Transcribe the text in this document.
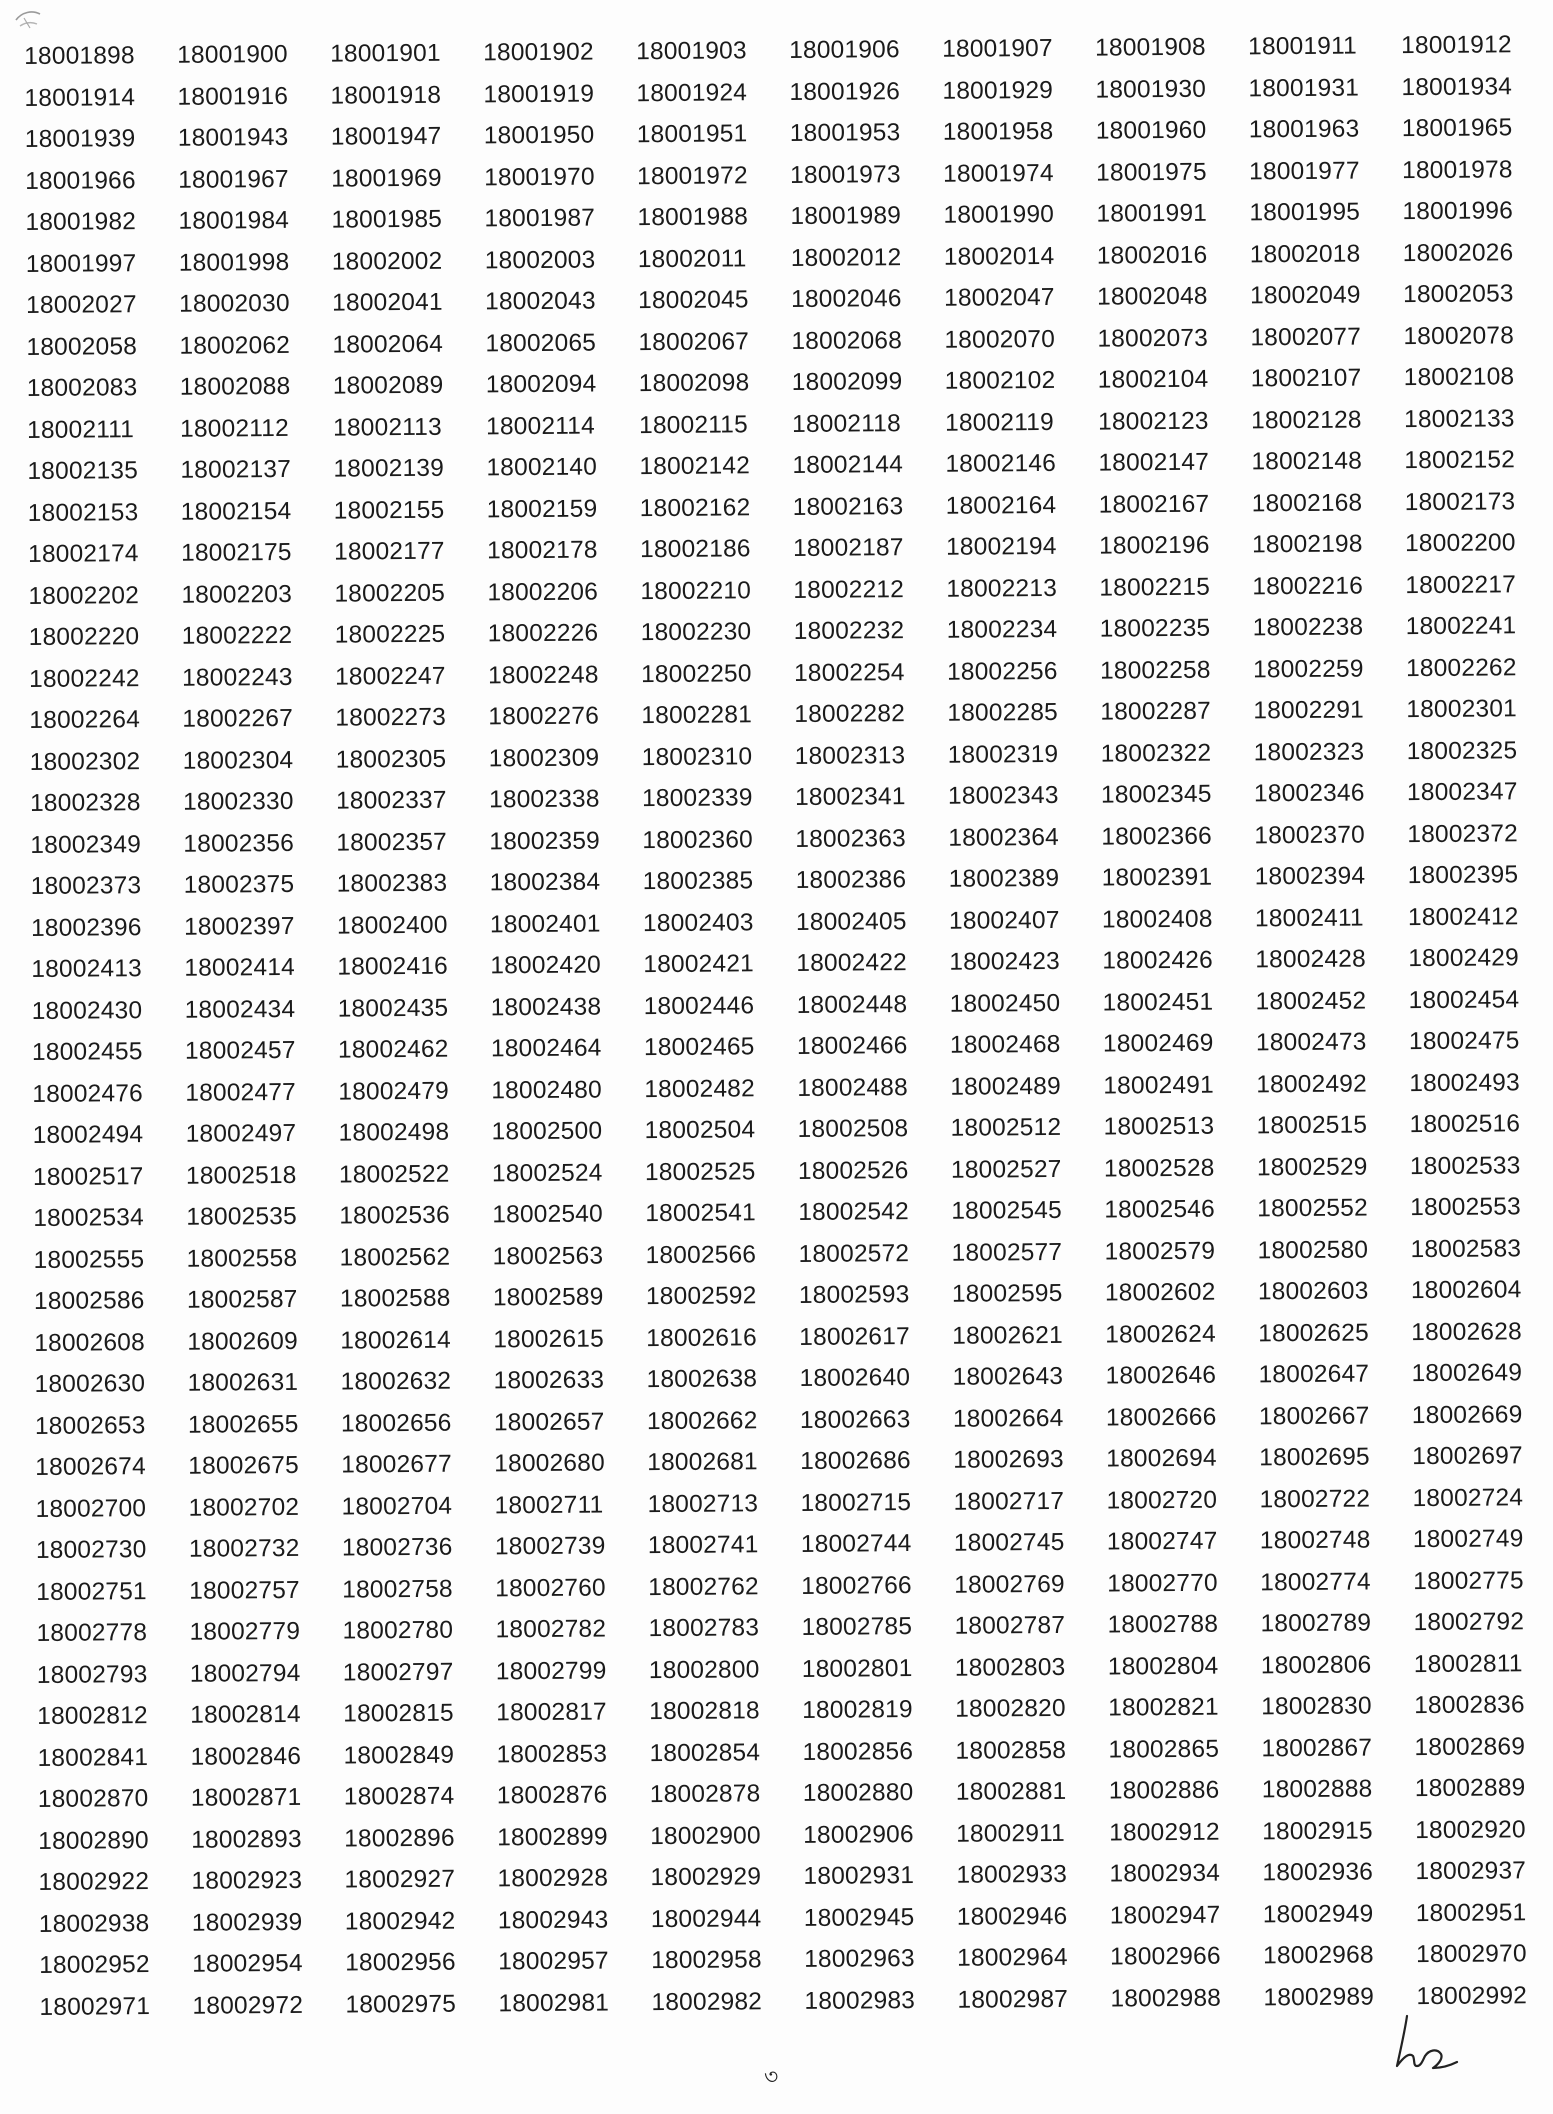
18001898	18001900	18001901	18001902	18001903	18001906	18001907	18001908	18001911	18001912
18001914	18001916	18001918	18001919	18001924	18001926	18001929	18001930	18001931	18001934
18001939	18001943	18001947	18001950	18001951	18001953	18001958	18001960	18001963	18001965
18001966	18001967	18001969	18001970	18001972	18001973	18001974	18001975	18001977	18001978
18001982	18001984	18001985	18001987	18001988	18001989	18001990	18001991	18001995	18001996
18001997	18001998	18002002	18002003	18002011	18002012	18002014	18002016	18002018	18002026
18002027	18002030	18002041	18002043	18002045	18002046	18002047	18002048	18002049	18002053
18002058	18002062	18002064	18002065	18002067	18002068	18002070	18002073	18002077	18002078
18002083	18002088	18002089	18002094	18002098	18002099	18002102	18002104	18002107	18002108
18002111	18002112	18002113	18002114	18002115	18002118	18002119	18002123	18002128	18002133
18002135	18002137	18002139	18002140	18002142	18002144	18002146	18002147	18002148	18002152
18002153	18002154	18002155	18002159	18002162	18002163	18002164	18002167	18002168	18002173
18002174	18002175	18002177	18002178	18002186	18002187	18002194	18002196	18002198	18002200
18002202	18002203	18002205	18002206	18002210	18002212	18002213	18002215	18002216	18002217
18002220	18002222	18002225	18002226	18002230	18002232	18002234	18002235	18002238	18002241
18002242	18002243	18002247	18002248	18002250	18002254	18002256	18002258	18002259	18002262
18002264	18002267	18002273	18002276	18002281	18002282	18002285	18002287	18002291	18002301
18002302	18002304	18002305	18002309	18002310	18002313	18002319	18002322	18002323	18002325
18002328	18002330	18002337	18002338	18002339	18002341	18002343	18002345	18002346	18002347
18002349	18002356	18002357	18002359	18002360	18002363	18002364	18002366	18002370	18002372
18002373	18002375	18002383	18002384	18002385	18002386	18002389	18002391	18002394	18002395
18002396	18002397	18002400	18002401	18002403	18002405	18002407	18002408	18002411	18002412
18002413	18002414	18002416	18002420	18002421	18002422	18002423	18002426	18002428	18002429
18002430	18002434	18002435	18002438	18002446	18002448	18002450	18002451	18002452	18002454
18002455	18002457	18002462	18002464	18002465	18002466	18002468	18002469	18002473	18002475
18002476	18002477	18002479	18002480	18002482	18002488	18002489	18002491	18002492	18002493
18002494	18002497	18002498	18002500	18002504	18002508	18002512	18002513	18002515	18002516
18002517	18002518	18002522	18002524	18002525	18002526	18002527	18002528	18002529	18002533
18002534	18002535	18002536	18002540	18002541	18002542	18002545	18002546	18002552	18002553
18002555	18002558	18002562	18002563	18002566	18002572	18002577	18002579	18002580	18002583
18002586	18002587	18002588	18002589	18002592	18002593	18002595	18002602	18002603	18002604
18002608	18002609	18002614	18002615	18002616	18002617	18002621	18002624	18002625	18002628
18002630	18002631	18002632	18002633	18002638	18002640	18002643	18002646	18002647	18002649
18002653	18002655	18002656	18002657	18002662	18002663	18002664	18002666	18002667	18002669
18002674	18002675	18002677	18002680	18002681	18002686	18002693	18002694	18002695	18002697
18002700	18002702	18002704	18002711	18002713	18002715	18002717	18002720	18002722	18002724
18002730	18002732	18002736	18002739	18002741	18002744	18002745	18002747	18002748	18002749
18002751	18002757	18002758	18002760	18002762	18002766	18002769	18002770	18002774	18002775
18002778	18002779	18002780	18002782	18002783	18002785	18002787	18002788	18002789	18002792
18002793	18002794	18002797	18002799	18002800	18002801	18002803	18002804	18002806	18002811
18002812	18002814	18002815	18002817	18002818	18002819	18002820	18002821	18002830	18002836
18002841	18002846	18002849	18002853	18002854	18002856	18002858	18002865	18002867	18002869
18002870	18002871	18002874	18002876	18002878	18002880	18002881	18002886	18002888	18002889
18002890	18002893	18002896	18002899	18002900	18002906	18002911	18002912	18002915	18002920
18002922	18002923	18002927	18002928	18002929	18002931	18002933	18002934	18002936	18002937
18002938	18002939	18002942	18002943	18002944	18002945	18002946	18002947	18002949	18002951
18002952	18002954	18002956	18002957	18002958	18002963	18002964	18002966	18002968	18002970
18002971	18002972	18002975	18002981	18002982	18002983	18002987	18002988	18002989	18002992
৩
